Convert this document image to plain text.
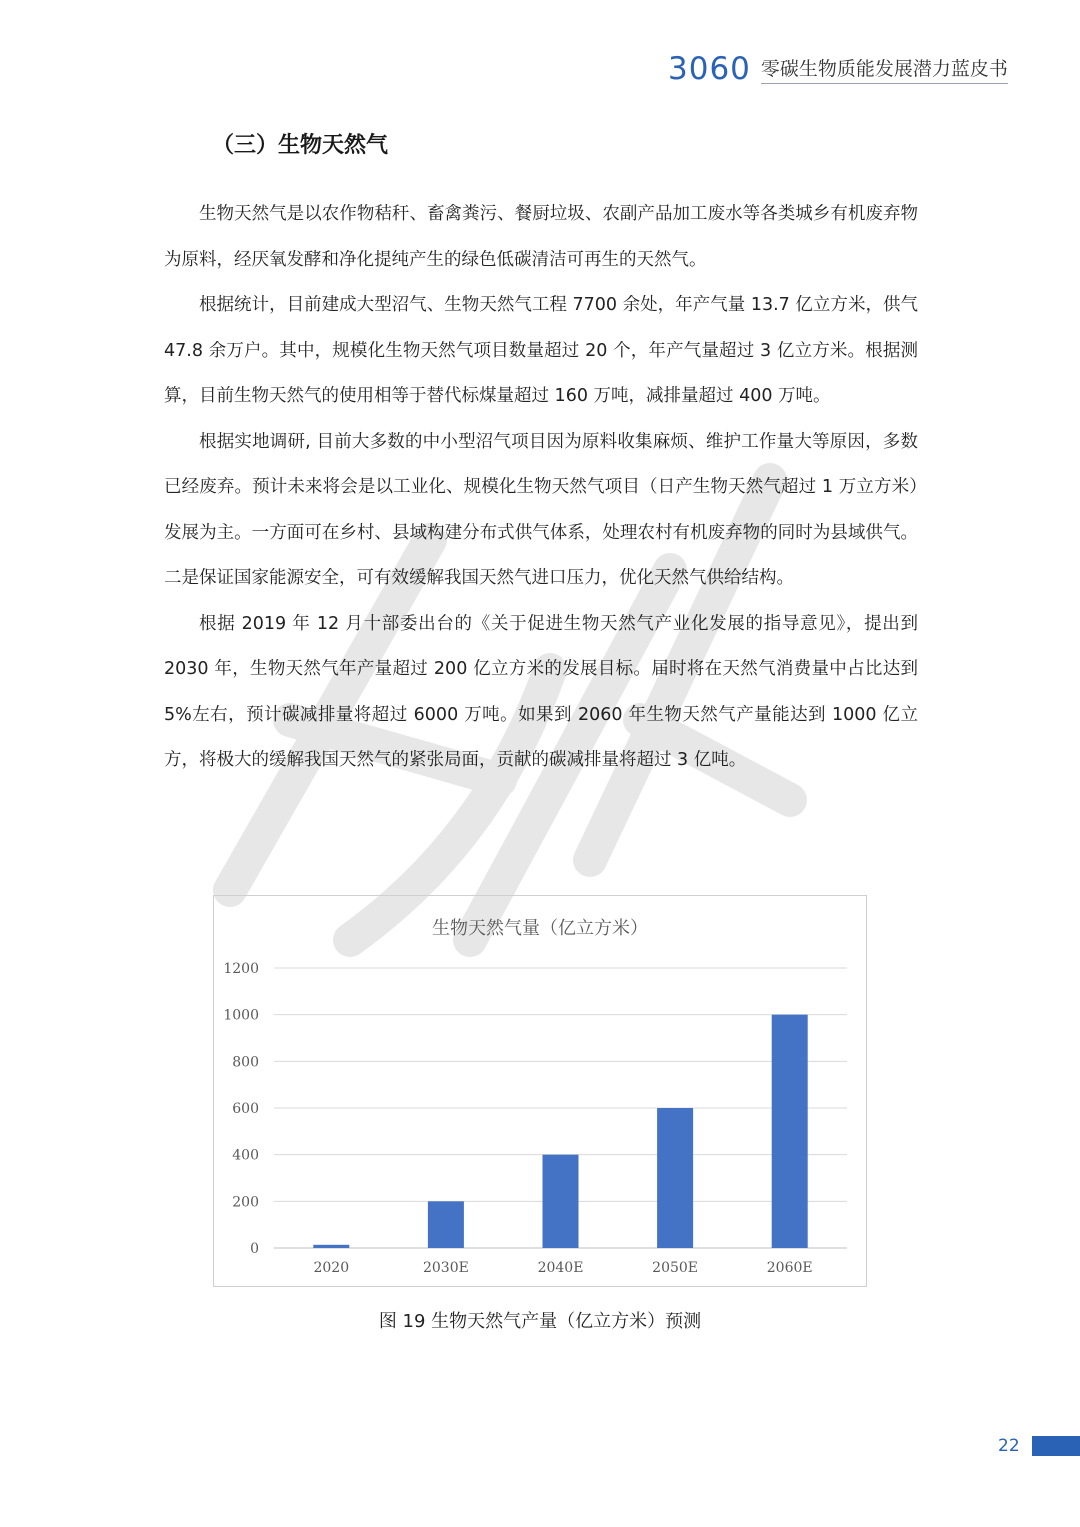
3060 零碳生物质能发展潜力蓝皮书
（三）生物天然气

生物天然气是以农作物秸秆、畜禽粪污、餐厨垃圾、农副产品加工废水等各类城乡有机废弃物为原料，经厌氧发酵和净化提纯产生的绿色低碳清洁可再生的天然气。

根据统计，目前建成大型沼气、生物天然气工程 7700 余处，年产气量 13.7 亿立方米，供气 47.8 余万户。其中，规模化生物天然气项目数量超过 20 个，年产气量超过 3 亿立方米。根据测算，目前生物天然气的使用相等于替代标煤量超过 160 万吨，减排量超过 400 万吨。

根据实地调研, 目前大多数的中小型沼气项目因为原料收集麻烦、维护工作量大等原因，多数已经废弃。预计未来将会是以工业化、规模化生物天然气项目（日产生物天然气超过 1 万立方米）发展为主。一方面可在乡村、县域构建分布式供气体系，处理农村有机废弃物的同时为县域供气。二是保证国家能源安全，可有效缓解我国天然气进口压力，优化天然气供给结构。

根据 2019 年 12 月十部委出台的《关于促进生物天然气产业化发展的指导意见》，提出到 2030 年，生物天然气年产量超过 200 亿立方米的发展目标。届时将在天然气消费量中占比达到 5%左右，预计碳减排量将超过 6000 万吨。如果到 2060 年生物天然气产量能达到 1000 亿立方，将极大的缓解我国天然气的紧张局面，贡献的碳减排量将超过 3 亿吨。

生物天然气量（亿立方米）
0
200
400
600
800
1000
1200
2020	2030E	2040E	2050E	2060E
图 19 生物天然气产量（亿立方米）预测
22
